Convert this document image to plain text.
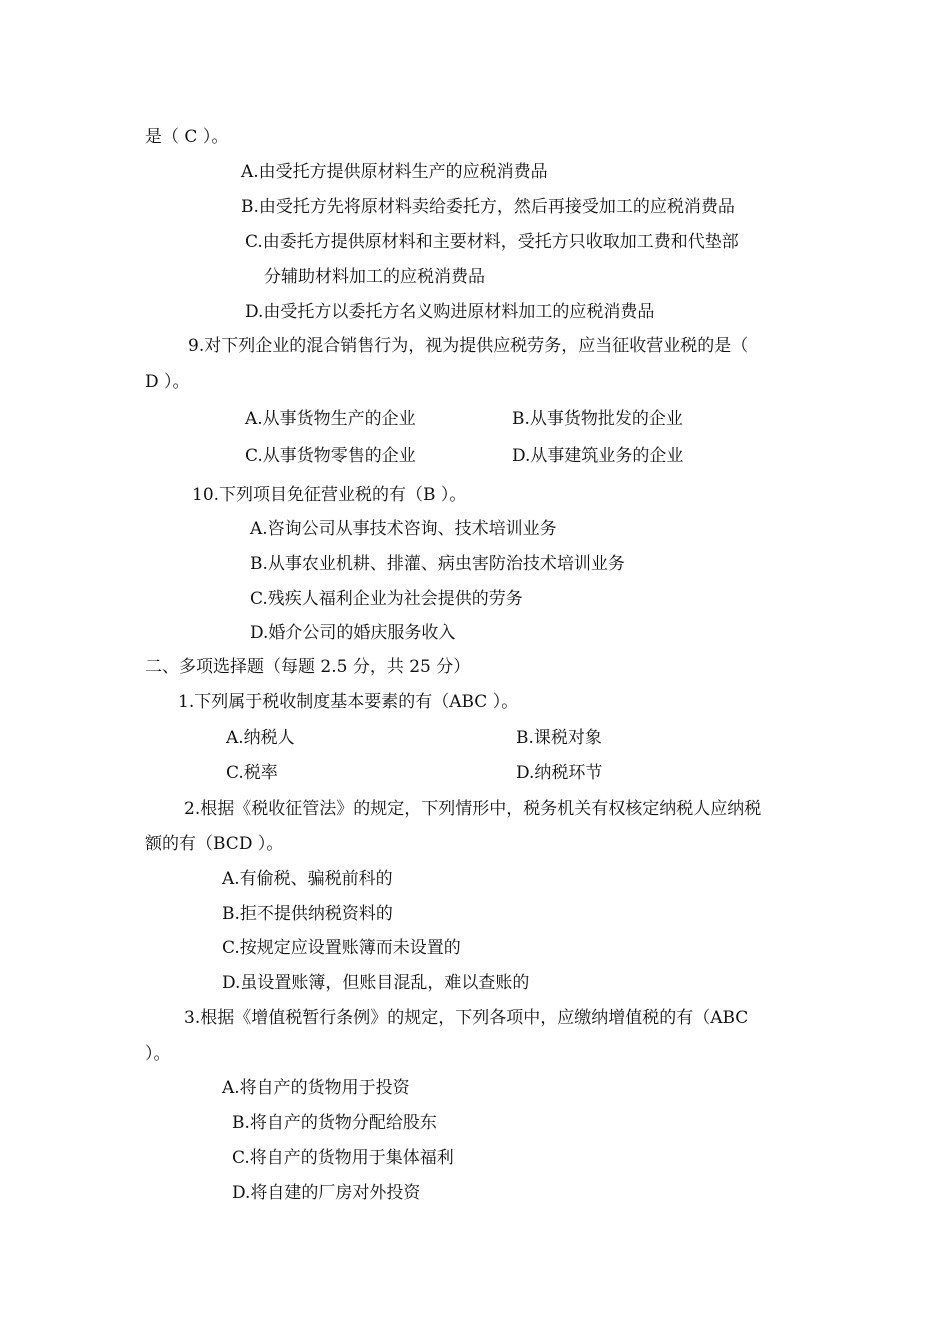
是（ C ）。
A.由受托方提供原材料生产的应税消费品
B.由受托方先将原材料卖给委托方，然后再接受加工的应税消费品
C.由委托方提供原材料和主要材料，受托方只收取加工费和代垫部
分辅助材料加工的应税消费品
D.由受托方以委托方名义购进原材料加工的应税消费品
9.对下列企业的混合销售行为，视为提供应税劳务，应当征收营业税的是（
D ）。
A.从事货物生产的企业	B.从事货物批发的企业
C.从事货物零售的企业	D.从事建筑业务的企业
10.下列项目免征营业税的有（B ）。
A.咨询公司从事技术咨询、技术培训业务
B.从事农业机耕、排灌、病虫害防治技术培训业务
C.残疾人福利企业为社会提供的劳务
D.婚介公司的婚庆服务收入
二、多项选择题（每题 2.5 分，共 25 分）
1.下列属于税收制度基本要素的有（ABC ）。
A.纳税人	B.课税对象
C.税率	D.纳税环节
2.根据《税收征管法》的规定，下列情形中，税务机关有权核定纳税人应纳税
额的有（BCD ）。
A.有偷税、骗税前科的
B.拒不提供纳税资料的
C.按规定应设置账簿而未设置的
D.虽设置账簿，但账目混乱，难以查账的
3.根据《增值税暂行条例》的规定，下列各项中，应缴纳增值税的有（ABC
）。
A.将自产的货物用于投资
B.将自产的货物分配给股东
C.将自产的货物用于集体福利
D.将自建的厂房对外投资
